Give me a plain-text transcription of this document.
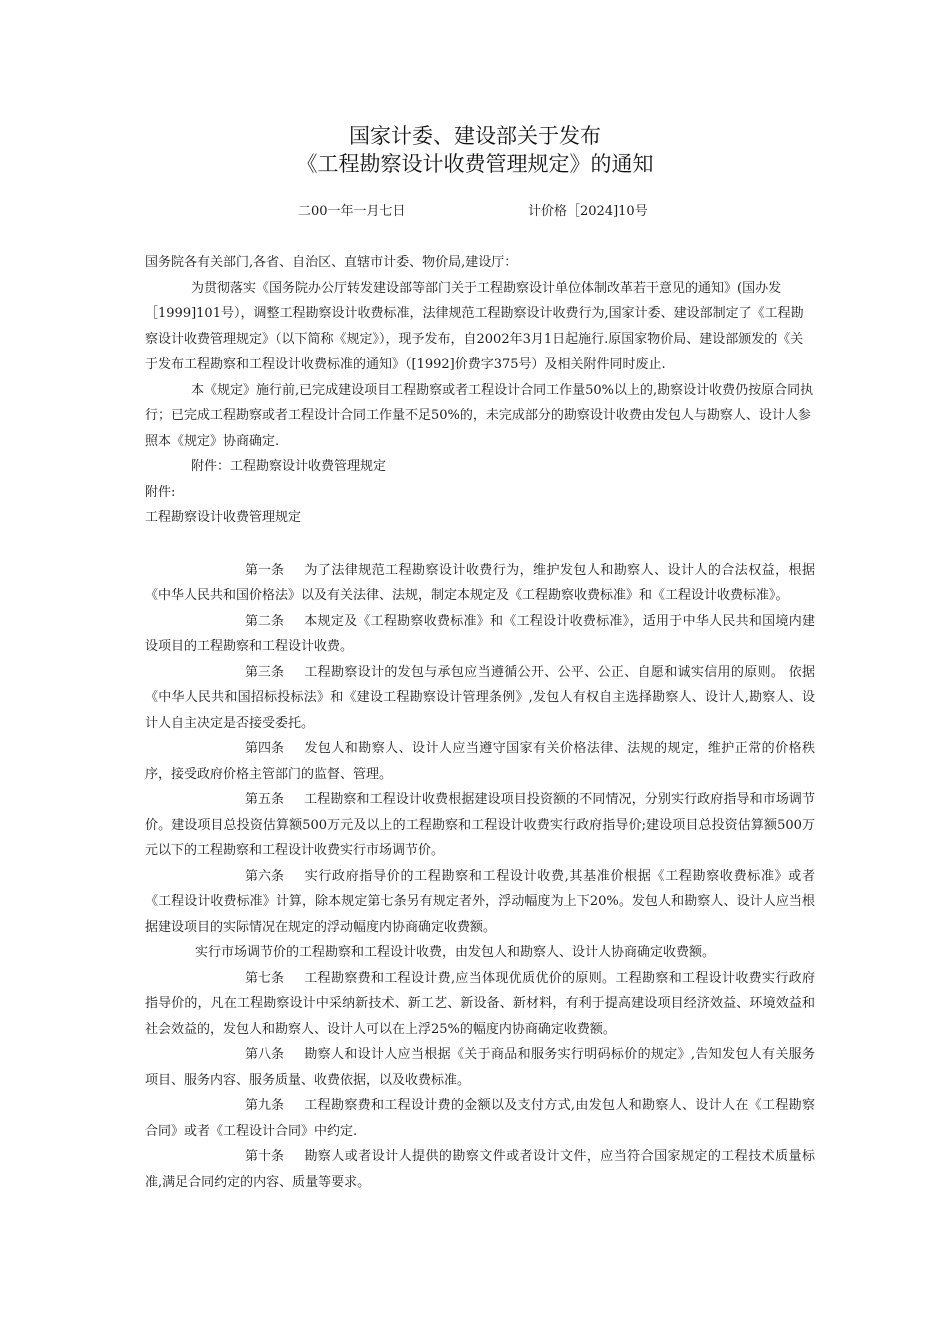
国家计委、建设部关于发布
《工程勘察设计收费管理规定》的通知
二00一年一月七日	计价格［2024]10号

国务院各有关部门,各省、自治区、直辖市计委、物价局,建设厅：

为贯彻落实《国务院办公厅转发建设部等部门关于工程勘察设计单位体制改革若干意见的通知》(国办发［1999]101号），调整工程勘察设计收费标准，法律规范工程勘察设计收费行为,国家计委、建设部制定了《工程勘察设计收费管理规定》（以下简称《规定》），现予发布，自2002年3月1日起施行.原国家物价局、建设部颁发的《关于发布工程勘察和工程设计收费标准的通知》（[1992]价费字375号）及相关附件同时废止.

本《规定》施行前,已完成建设项目工程勘察或者工程设计合同工作量50%以上的,勘察设计收费仍按原合同执行；已完成工程勘察或者工程设计合同工作量不足50%的，未完成部分的勘察设计收费由发包人与勘察人、设计人参照本《规定》协商确定.

附件：工程勘察设计收费管理规定

附件:

工程勘察设计收费管理规定

第一条 为了法律规范工程勘察设计收费行为，维护发包人和勘察人、设计人的合法权益，根据《中华人民共和国价格法》以及有关法律、法规，制定本规定及《工程勘察收费标准》和《工程设计收费标准》。

第二条 本规定及《工程勘察收费标准》和《工程设计收费标准》，适用于中华人民共和国境内建设项目的工程勘察和工程设计收费。

第三条 工程勘察设计的发包与承包应当遵循公开、公平、公正、自愿和诚实信用的原则。 依据《中华人民共和国招标投标法》和《建设工程勘察设计管理条例》,发包人有权自主选择勘察人、设计人,勘察人、设计人自主决定是否接受委托。

第四条 发包人和勘察人、设计人应当遵守国家有关价格法律、法规的规定，维护正常的价格秩序，接受政府价格主管部门的监督、管理。

第五条 工程勘察和工程设计收费根据建设项目投资额的不同情况，分别实行政府指导和市场调节价。建设项目总投资估算额500万元及以上的工程勘察和工程设计收费实行政府指导价;建设项目总投资估算额500万元以下的工程勘察和工程设计收费实行市场调节价。

第六条 实行政府指导价的工程勘察和工程设计收费,其基准价根据《工程勘察收费标准》或者《工程设计收费标准》计算，除本规定第七条另有规定者外，浮动幅度为上下20%。发包人和勘察人、设计人应当根据建设项目的实际情况在规定的浮动幅度内协商确定收费额。

实行市场调节价的工程勘察和工程设计收费，由发包人和勘察人、设计人协商确定收费额。

第七条 工程勘察费和工程设计费,应当体现优质优价的原则。工程勘察和工程设计收费实行政府指导价的，凡在工程勘察设计中采纳新技术、新工艺、新设备、新材料，有利于提高建设项目经济效益、环境效益和社会效益的，发包人和勘察人、设计人可以在上浮25%的幅度内协商确定收费额。

第八条 勘察人和设计人应当根据《关于商品和服务实行明码标价的规定》,告知发包人有关服务项目、服务内容、服务质量、收费依据，以及收费标准。

第九条 工程勘察费和工程设计费的金额以及支付方式,由发包人和勘察人、设计人在《工程勘察合同》或者《工程设计合同》中约定.

第十条 勘察人或者设计人提供的勘察文件或者设计文件，应当符合国家规定的工程技术质量标准,满足合同约定的内容、质量等要求。
